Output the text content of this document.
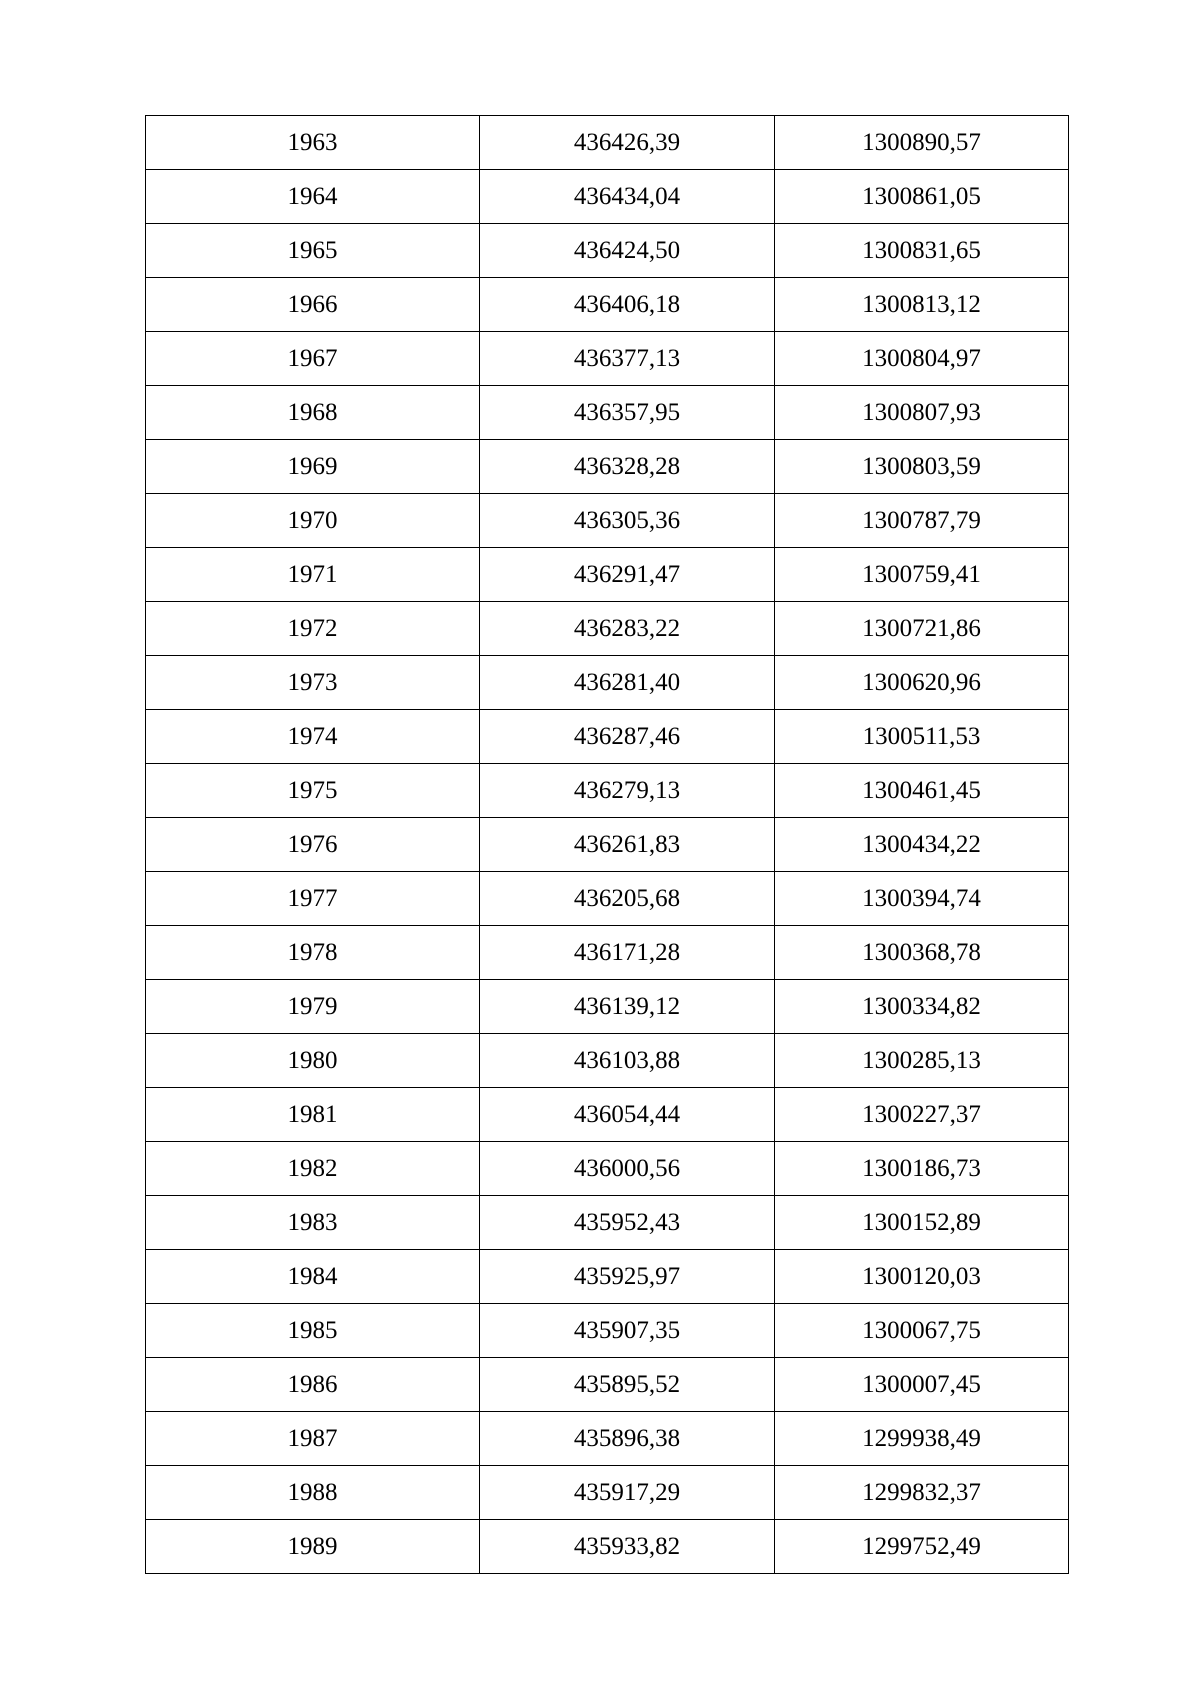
1963	436426,39	1300890,57
1964	436434,04	1300861,05
1965	436424,50	1300831,65
1966	436406,18	1300813,12
1967	436377,13	1300804,97
1968	436357,95	1300807,93
1969	436328,28	1300803,59
1970	436305,36	1300787,79
1971	436291,47	1300759,41
1972	436283,22	1300721,86
1973	436281,40	1300620,96
1974	436287,46	1300511,53
1975	436279,13	1300461,45
1976	436261,83	1300434,22
1977	436205,68	1300394,74
1978	436171,28	1300368,78
1979	436139,12	1300334,82
1980	436103,88	1300285,13
1981	436054,44	1300227,37
1982	436000,56	1300186,73
1983	435952,43	1300152,89
1984	435925,97	1300120,03
1985	435907,35	1300067,75
1986	435895,52	1300007,45
1987	435896,38	1299938,49
1988	435917,29	1299832,37
1989	435933,82	1299752,49
